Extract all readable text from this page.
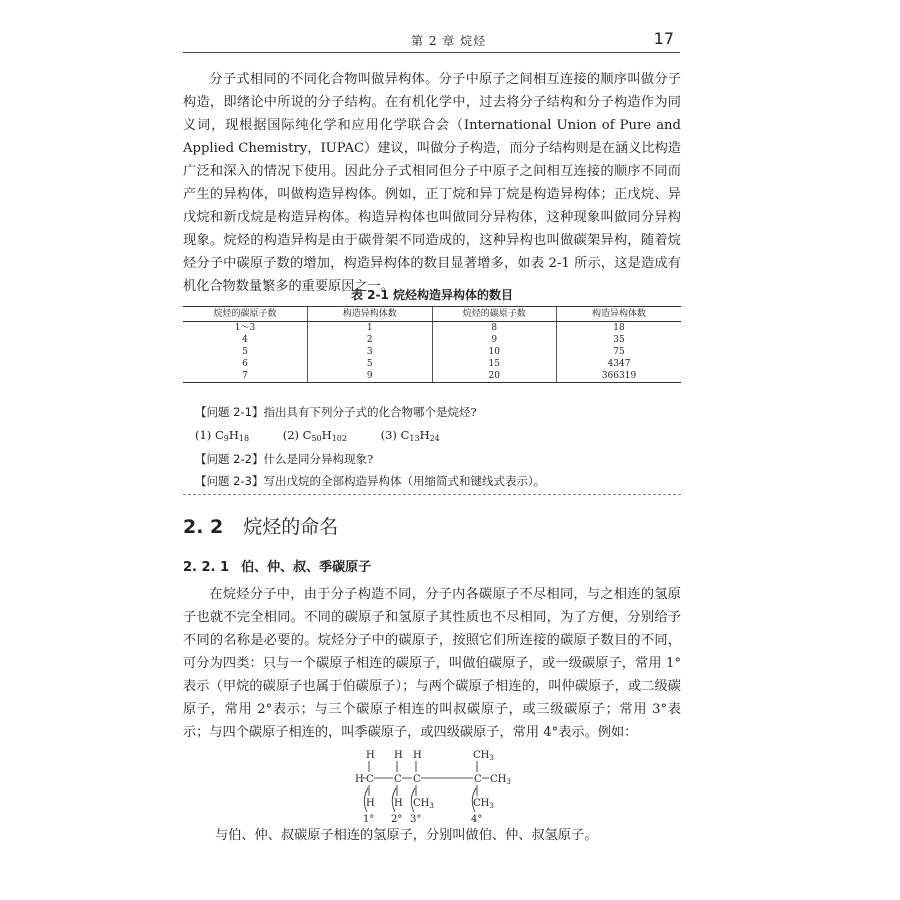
第 2 章 烷烃	17

分子式相同的不同化合物叫做异构体。分子中原子之间相互连接的顺序叫做分子构造，即绪论中所说的分子结构。在有机化学中，过去将分子结构和分子构造作为同义词，现根据国际纯化学和应用化学联合会（International Union of Pure and Applied Chemistry，IUPAC）建议，叫做分子构造，而分子结构则是在涵义比构造广泛和深入的情况下使用。因此分子式相同但分子中原子之间相互连接的顺序不同而产生的异构体，叫做构造异构体。例如，正丁烷和异丁烷是构造异构体；正戊烷、异戊烷和新戊烷是构造异构体。构造异构体也叫做同分异构体，这种现象叫做同分异构现象。烷烃的构造异构是由于碳骨架不同造成的，这种异构也叫做碳架异构，随着烷烃分子中碳原子数的增加，构造异构体的数目显著增多，如表 2-1 所示，这是造成有机化合物数量繁多的重要原因之一。

表 2-1 烷烃构造异构体的数目
烷烃的碳原子数	构造异构体数	烷烃的碳原子数	构造异构体数
1～3	1	8	18
4	2	9	35
5	3	10	75
6	5	15	4347
7	9	20	366319
【问题 2-1】指出具有下列分子式的化合物哪个是烷烃?
(1) $C_9H_{18}$	(2) $C_{50}H_{102}$	(3) $C_{13}H_{24}$
【问题 2-2】什么是同分异构现象?
【问题 2-3】写出戊烷的全部构造异构体（用缩简式和键线式表示）。
2. 2 烷烃的命名
2. 2. 1 伯、仲、叔、季碳原子

在烷烃分子中，由于分子构造不同，分子内各碳原子不尽相同，与之相连的氢原子也就不完全相同。不同的碳原子和氢原子其性质也不尽相同，为了方便，分别给予不同的名称是必要的。烷烃分子中的碳原子，按照它们所连接的碳原子数目的不同，可分为四类：只与一个碳原子相连的碳原子，叫做伯碳原子，或一级碳原子，常用 1°表示（甲烷的碳原子也属于伯碳原子）；与两个碳原子相连的，叫仲碳原子，或二级碳原子，常用 2°表示；与三个碳原子相连的叫叔碳原子，或三级碳原子；常用 3°表示；与四个碳原子相连的，叫季碳原子，或四级碳原子，常用 4°表示。例如：

H H H	$CH_3$
H C C C	C $CH_3$
H H $CH_3$	$CH_3$
1° 2° 3°	4°

与伯、仲、叔碳原子相连的氢原子，分别叫做伯、仲、叔氢原子。
